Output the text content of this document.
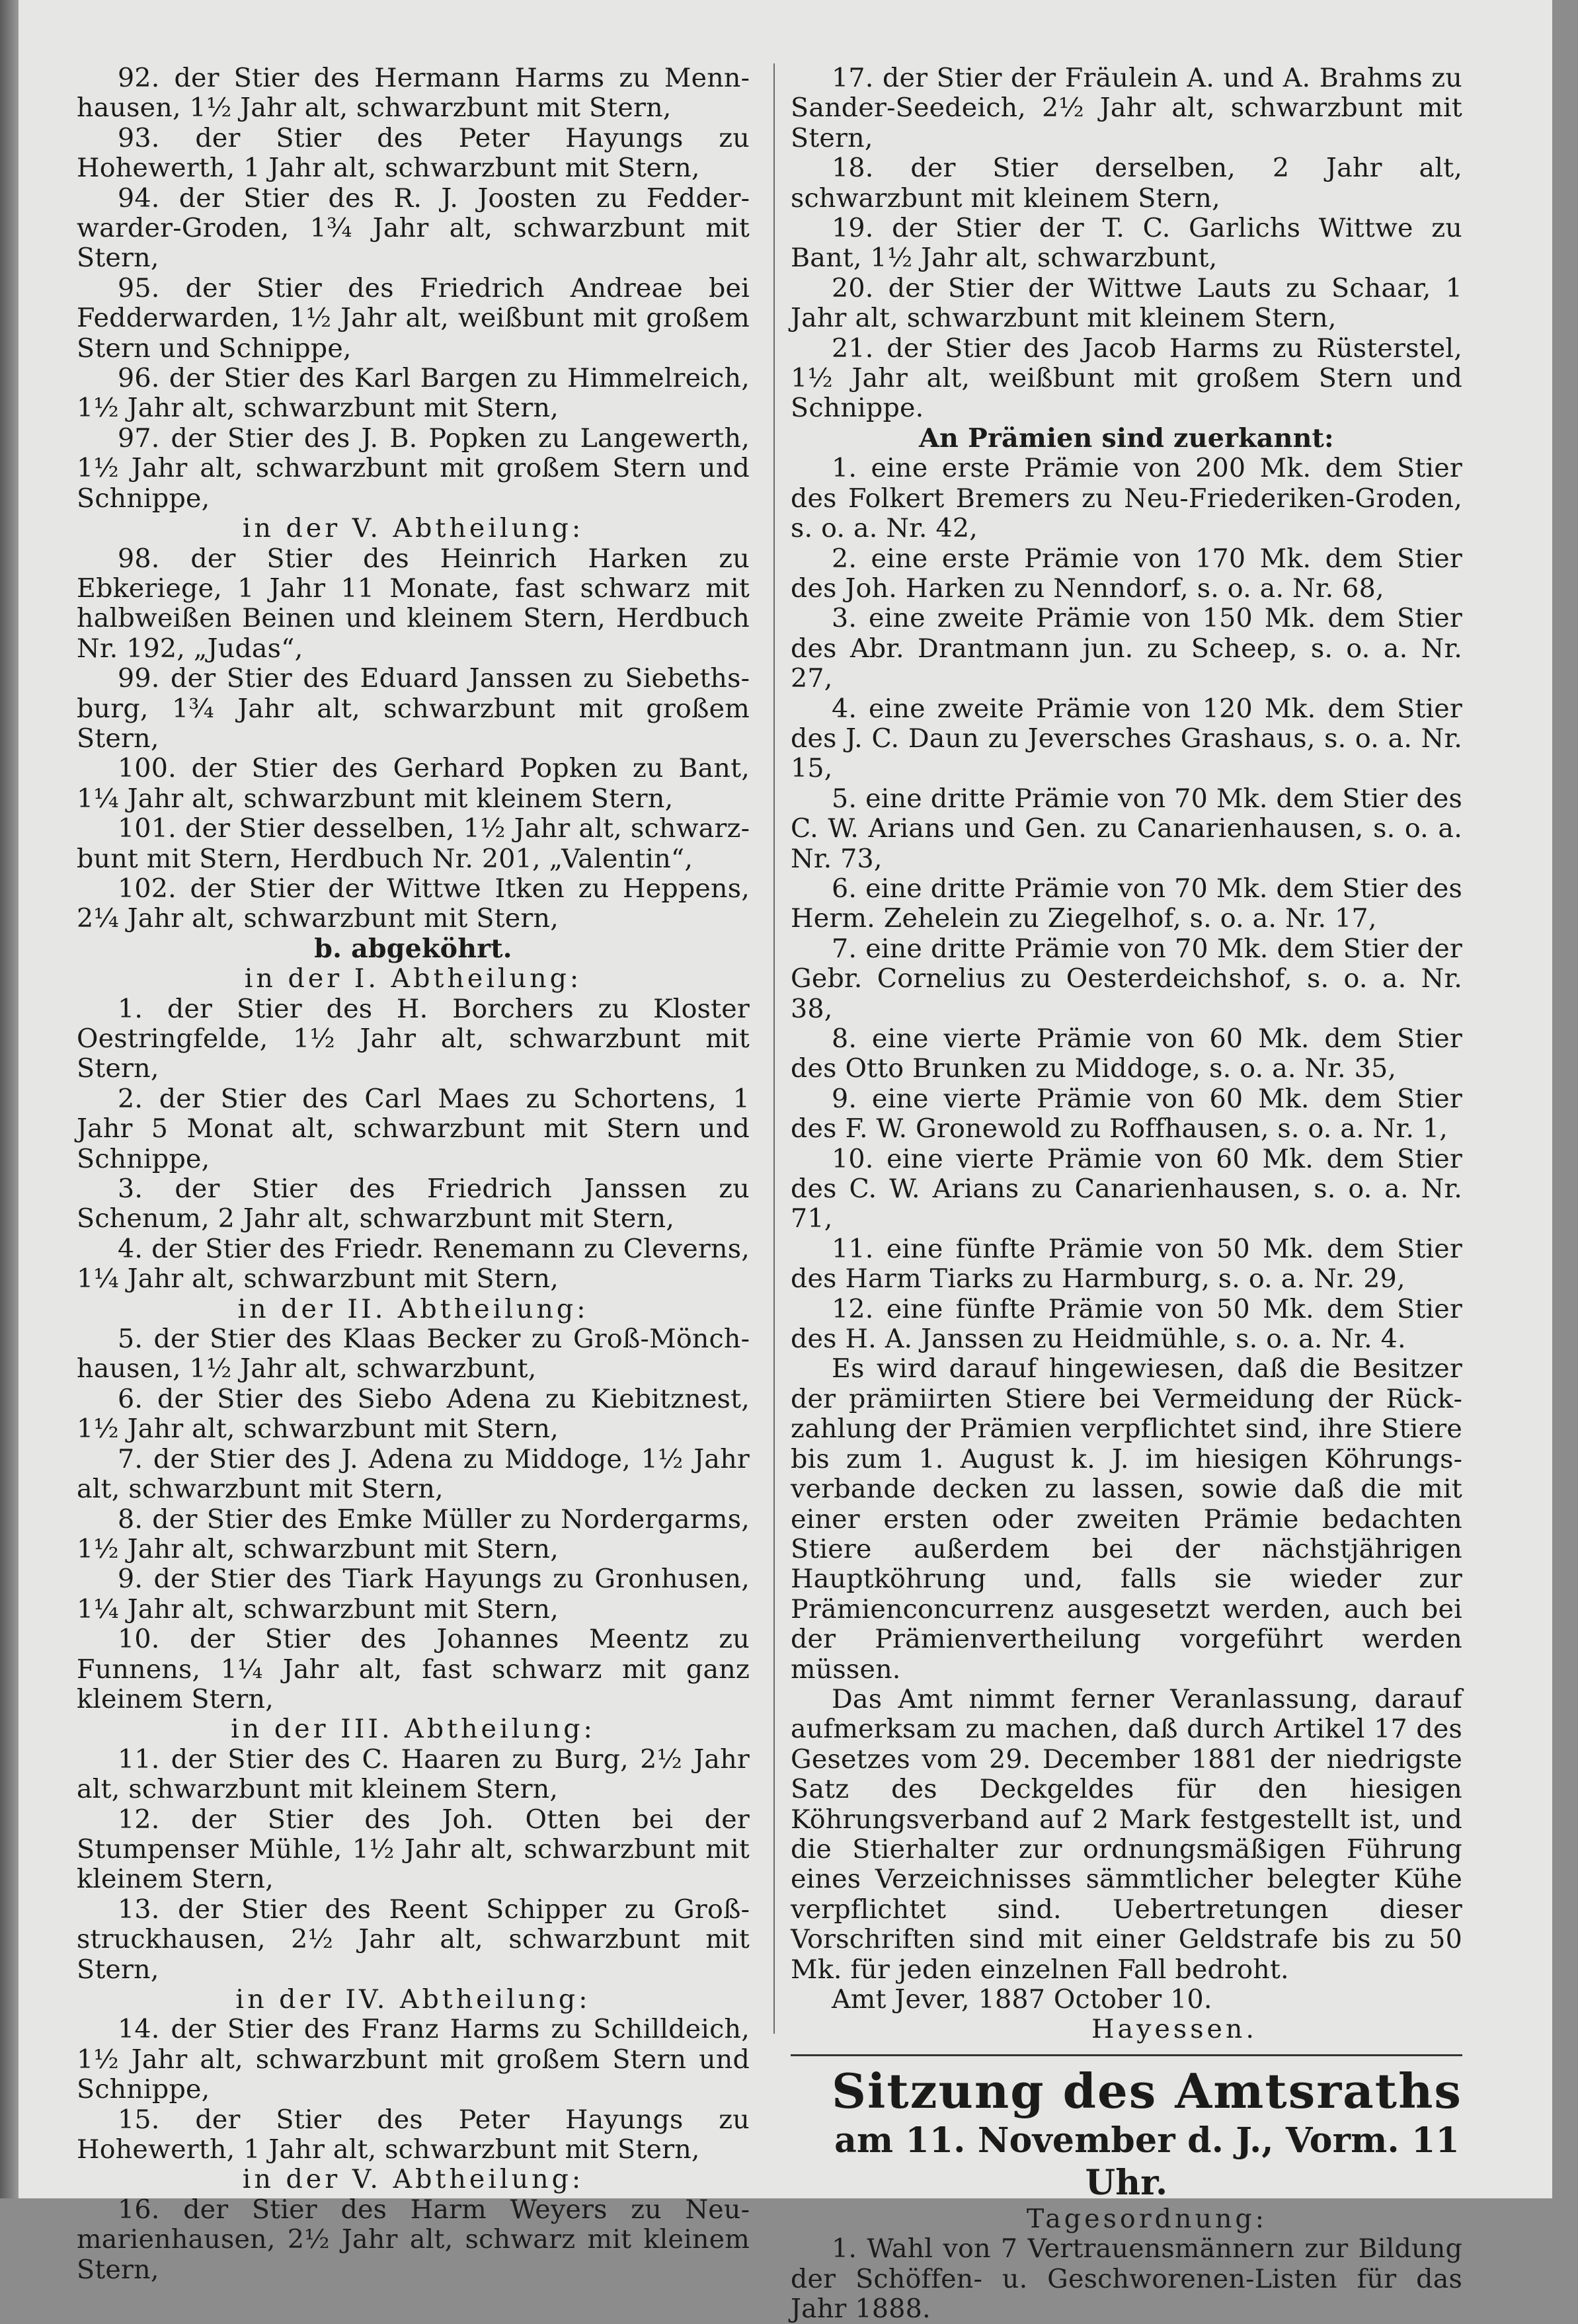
92. der Stier des Hermann Harms zu Mennhausen, 1½ Jahr alt, schwarzbunt mit Stern,

93. der Stier des Peter Hayungs zu Hohewerth, 1 Jahr alt, schwarzbunt mit Stern,

94. der Stier des R. J. Joosten zu Fedderwarder-Groden, 1¾ Jahr alt, schwarzbunt mit Stern,

95. der Stier des Friedrich Andreae bei Fedderwarden, 1½ Jahr alt, weißbunt mit großem Stern und Schnippe,

96. der Stier des Karl Bargen zu Himmelreich, 1½ Jahr alt, schwarzbunt mit Stern,

97. der Stier des J. B. Popken zu Langewerth, 1½ Jahr alt, schwarzbunt mit großem Stern und Schnippe,

in der V. Abtheilung:

98. der Stier des Heinrich Harken zu Ebkeriege, 1 Jahr 11 Monate, fast schwarz mit halbweißen Beinen und kleinem Stern, Herdbuch Nr. 192, „Judas“,

99. der Stier des Eduard Janssen zu Siebethsburg, 1¾ Jahr alt, schwarzbunt mit großem Stern,

100. der Stier des Gerhard Popken zu Bant, 1¼ Jahr alt, schwarzbunt mit kleinem Stern,

101. der Stier desselben, 1½ Jahr alt, schwarzbunt mit Stern, Herdbuch Nr. 201, „Valentin“,

102. der Stier der Wittwe Itken zu Heppens, 2¼ Jahr alt, schwarzbunt mit Stern,

b. abgeköhrt.

in der I. Abtheilung:

1. der Stier des H. Borchers zu Kloster Oestringfelde, 1½ Jahr alt, schwarzbunt mit Stern,

2. der Stier des Carl Maes zu Schortens, 1 Jahr 5 Monat alt, schwarzbunt mit Stern und Schnippe,

3. der Stier des Friedrich Janssen zu Schenum, 2 Jahr alt, schwarzbunt mit Stern,

4. der Stier des Friedr. Renemann zu Cleverns, 1¼ Jahr alt, schwarzbunt mit Stern,

in der II. Abtheilung:

5. der Stier des Klaas Becker zu Groß-Mönchhausen, 1½ Jahr alt, schwarzbunt,

6. der Stier des Siebo Adena zu Kiebitznest, 1½ Jahr alt, schwarzbunt mit Stern,

7. der Stier des J. Adena zu Middoge, 1½ Jahr alt, schwarzbunt mit Stern,

8. der Stier des Emke Müller zu Nordergarms, 1½ Jahr alt, schwarzbunt mit Stern,

9. der Stier des Tiark Hayungs zu Gronhusen, 1¼ Jahr alt, schwarzbunt mit Stern,

10. der Stier des Johannes Meentz zu Funnens, 1¼ Jahr alt, fast schwarz mit ganz kleinem Stern,

in der III. Abtheilung:

11. der Stier des C. Haaren zu Burg, 2½ Jahr alt, schwarzbunt mit kleinem Stern,

12. der Stier des Joh. Otten bei der Stumpenser Mühle, 1½ Jahr alt, schwarzbunt mit kleinem Stern,

13. der Stier des Reent Schipper zu Großstruckhausen, 2½ Jahr alt, schwarzbunt mit Stern,

in der IV. Abtheilung:

14. der Stier des Franz Harms zu Schilldeich, 1½ Jahr alt, schwarzbunt mit großem Stern und Schnippe,

15. der Stier des Peter Hayungs zu Hohewerth, 1 Jahr alt, schwarzbunt mit Stern,

in der V. Abtheilung:

16. der Stier des Harm Weyers zu Neumarienhausen, 2½ Jahr alt, schwarz mit kleinem Stern,

17. der Stier der Fräulein A. und A. Brahms zu Sander-Seedeich, 2½ Jahr alt, schwarzbunt mit Stern,

18. der Stier derselben, 2 Jahr alt, schwarzbunt mit kleinem Stern,

19. der Stier der T. C. Garlichs Wittwe zu Bant, 1½ Jahr alt, schwarzbunt,

20. der Stier der Wittwe Lauts zu Schaar, 1 Jahr alt, schwarzbunt mit kleinem Stern,

21. der Stier des Jacob Harms zu Rüsterstel, 1½ Jahr alt, weißbunt mit großem Stern und Schnippe.

An Prämien sind zuerkannt:

1. eine erste Prämie von 200 Mk. dem Stier des Folkert Bremers zu Neu-Friederiken-Groden, s. o. a. Nr. 42,

2. eine erste Prämie von 170 Mk. dem Stier des Joh. Harken zu Nenndorf, s. o. a. Nr. 68,

3. eine zweite Prämie von 150 Mk. dem Stier des Abr. Drantmann jun. zu Scheep, s. o. a. Nr. 27,

4. eine zweite Prämie von 120 Mk. dem Stier des J. C. Daun zu Jeversches Grashaus, s. o. a. Nr. 15,

5. eine dritte Prämie von 70 Mk. dem Stier des C. W. Arians und Gen. zu Canarienhausen, s. o. a. Nr. 73,

6. eine dritte Prämie von 70 Mk. dem Stier des Herm. Zehelein zu Ziegelhof, s. o. a. Nr. 17,

7. eine dritte Prämie von 70 Mk. dem Stier der Gebr. Cornelius zu Oesterdeichshof, s. o. a. Nr. 38,

8. eine vierte Prämie von 60 Mk. dem Stier des Otto Brunken zu Middoge, s. o. a. Nr. 35,

9. eine vierte Prämie von 60 Mk. dem Stier des F. W. Gronewold zu Roffhausen, s. o. a. Nr. 1,

10. eine vierte Prämie von 60 Mk. dem Stier des C. W. Arians zu Canarienhausen, s. o. a. Nr. 71,

11. eine fünfte Prämie von 50 Mk. dem Stier des Harm Tiarks zu Harmburg, s. o. a. Nr. 29,

12. eine fünfte Prämie von 50 Mk. dem Stier des H. A. Janssen zu Heidmühle, s. o. a. Nr. 4.

Es wird darauf hingewiesen, daß die Besitzer der prämiirten Stiere bei Vermeidung der Rückzahlung der Prämien verpflichtet sind, ihre Stiere bis zum 1. August k. J. im hiesigen Köhrungsverbande decken zu lassen, sowie daß die mit einer ersten oder zweiten Prämie bedachten Stiere außerdem bei der nächstjährigen Hauptköhrung und, falls sie wieder zur Prämienconcurrenz ausgesetzt werden, auch bei der Prämienvertheilung vorgeführt werden müssen.

Das Amt nimmt ferner Veranlassung, darauf aufmerksam zu machen, daß durch Artikel 17 des Gesetzes vom 29. December 1881 der niedrigste Satz des Deckgeldes für den hiesigen Köhrungsverband auf 2 Mark festgestellt ist, und die Stierhalter zur ordnungsmäßigen Führung eines Verzeichnisses sämmtlicher belegter Kühe verpflichtet sind. Uebertretungen dieser Vorschriften sind mit einer Geldstrafe bis zu 50 Mk. für jeden einzelnen Fall bedroht.

Amt Jever, 1887 October 10.

Hayessen.

Sitzung des Amtsraths

am 11. November d. J., Vorm. 11 Uhr.

Tagesordnung:

1. Wahl von 7 Vertrauensmännern zur Bildung der Schöffen- u. Geschworenen-Listen für das Jahr 1888.
